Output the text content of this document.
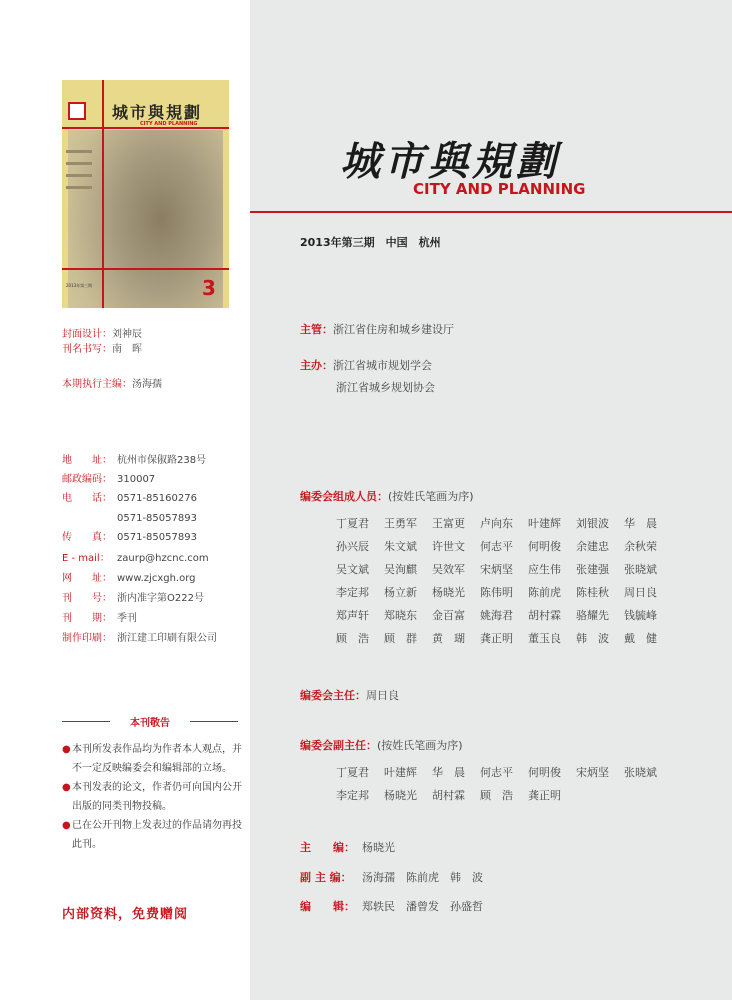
城市與規劃
CITY AND PLANNING
2013年第三期	3
封面设计：刘神辰
刊名书写：南　晖
本期执行主编：汤海孺
地　　址： 杭州市保俶路238号
邮政编码： 310007
电　　话： 0571-85160276
0571-85057893
传　　真： 0571-85057893
E - mail： zaurp@hzcnc.com
网　　址： www.zjcxgh.org
刊　　号： 浙内准字第O222号
刊　　期： 季刊
制作印刷： 浙江建工印刷有限公司
本刊敬告
● 本刊所发表作品均为作者本人观点，并不一定反映编委会和编辑部的立场。
● 本刊发表的论文，作者仍可向国内公开出版的同类刊物投稿。
● 已在公开刊物上发表过的作品请勿再投此刊。
内部资料，免费赠阅
城市與規劃
CITY AND PLANNING
2013年第三期　中国　杭州
主管：浙江省住房和城乡建设厅
主办：浙江省城市规划学会
浙江省城乡规划协会
编委会组成人员：(按姓氏笔画为序)
丁夏君 王勇军 王富更 卢向东 叶建辉 刘银波 华　晨
孙兴辰 朱文斌 许世文 何志平 何明俊 余建忠 余秋荣
吴文斌 吴洵麒 吴效军 宋炳坚 应生伟 张建强 张晓斌
李定邦 杨立新 杨晓光 陈伟明 陈前虎 陈桂秋 周日良
郑声轩 郑晓东 金百富 姚海君 胡村霖 骆耀先 钱毓峰
顾　浩 顾　群 黄　瑚 龚正明 董玉良 韩　波 戴　健
编委会主任：周日良
编委会副主任：(按姓氏笔画为序)
丁夏君 叶建辉 华　晨 何志平 何明俊 宋炳坚 张晓斌
李定邦 杨晓光 胡村霖 顾　浩 龚正明
主　　编： 杨晓光
副 主 编： 汤海孺　陈前虎　韩　波
编　　辑： 郑轶民　潘曾发　孙盛哲
